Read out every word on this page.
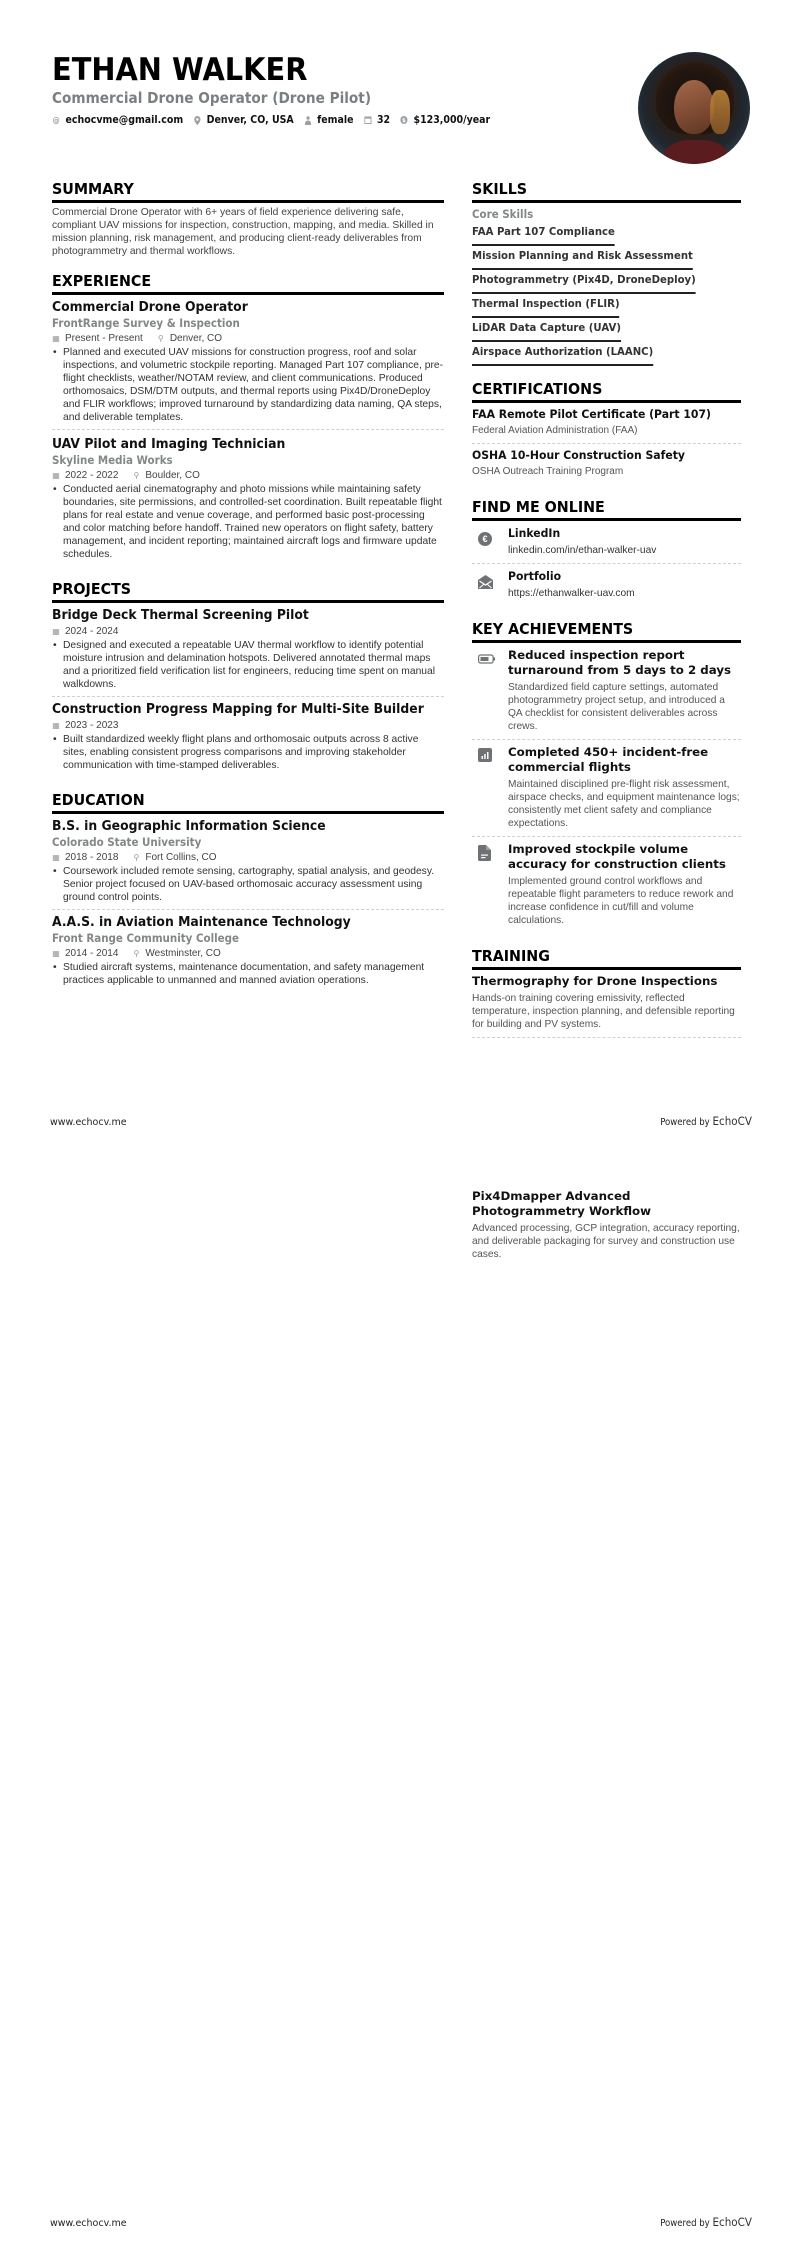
ETHAN WALKER
Commercial Drone Operator (Drone Pilot)
@ echocvme@gmail.com Denver, CO, USA female 32 $ $123,000/year
SUMMARY

Commercial Drone Operator with 6+ years of field experience delivering safe, compliant UAV missions for inspection, construction, mapping, and media. Skilled in mission planning, risk management, and producing client-ready deliverables from photogrammetry and thermal workflows.

EXPERIENCE
Commercial Drone Operator
FrontRange Survey & Inspection
▦ Present - Present ⚲ Denver, CO
• Planned and executed UAV missions for construction progress, roof and solar inspections, and volumetric stockpile reporting. Managed Part 107 compliance, pre-flight checklists, weather/NOTAM review, and client communications. Produced orthomosaics, DSM/DTM outputs, and thermal reports using Pix4D/DroneDeploy and FLIR workflows; improved turnaround by standardizing data naming, QA steps, and deliverable templates.
UAV Pilot and Imaging Technician
Skyline Media Works
▦ 2022 - 2022 ⚲ Boulder, CO
• Conducted aerial cinematography and photo missions while maintaining safety boundaries, site permissions, and controlled-set coordination. Built repeatable flight plans for real estate and venue coverage, and performed basic post-processing and color matching before handoff. Trained new operators on flight safety, battery management, and incident reporting; maintained aircraft logs and firmware update schedules.
PROJECTS
Bridge Deck Thermal Screening Pilot
▦ 2024 - 2024
• Designed and executed a repeatable UAV thermal workflow to identify potential moisture intrusion and delamination hotspots. Delivered annotated thermal maps and a prioritized field verification list for engineers, reducing time spent on manual walkdowns.
Construction Progress Mapping for Multi-Site Builder
▦ 2023 - 2023
• Built standardized weekly flight plans and orthomosaic outputs across 8 active sites, enabling consistent progress comparisons and improving stakeholder communication with time-stamped deliverables.
EDUCATION
B.S. in Geographic Information Science
Colorado State University
▦ 2018 - 2018 ⚲ Fort Collins, CO
• Coursework included remote sensing, cartography, spatial analysis, and geodesy. Senior project focused on UAV-based orthomosaic accuracy assessment using ground control points.
A.A.S. in Aviation Maintenance Technology
Front Range Community College
▦ 2014 - 2014 ⚲ Westminster, CO
• Studied aircraft systems, maintenance documentation, and safety management practices applicable to unmanned and manned aviation operations.
SKILLS
Core Skills
FAA Part 107 Compliance
Mission Planning and Risk Assessment
Photogrammetry (Pix4D, DroneDeploy)
Thermal Inspection (FLIR)
LiDAR Data Capture (UAV)
Airspace Authorization (LAANC)
CERTIFICATIONS
FAA Remote Pilot Certificate (Part 107)
Federal Aviation Administration (FAA)
OSHA 10-Hour Construction Safety
OSHA Outreach Training Program
FIND ME ONLINE
€	LinkedIn
linkedin.com/in/ethan-walker-uav
Portfolio
https://ethanwalker-uav.com
KEY ACHIEVEMENTS
Reduced inspection report turnaround from 5 days to 2 days
Standardized field capture settings, automated photogrammetry project setup, and introduced a QA checklist for consistent deliverables across crews.
Completed 450+ incident-free commercial flights
Maintained disciplined pre-flight risk assessment, airspace checks, and equipment maintenance logs; consistently met client safety and compliance expectations.
Improved stockpile volume accuracy for construction clients
Implemented ground control workflows and repeatable flight parameters to reduce rework and increase confidence in cut/fill and volume calculations.
TRAINING
Thermography for Drone Inspections
Hands-on training covering emissivity, reflected temperature, inspection planning, and defensible reporting for building and PV systems.
www.echocv.me	Powered by EchoCV
Pix4Dmapper Advanced Photogrammetry Workflow
Advanced processing, GCP integration, accuracy reporting, and deliverable packaging for survey and construction use cases.
www.echocv.me	Powered by EchoCV
